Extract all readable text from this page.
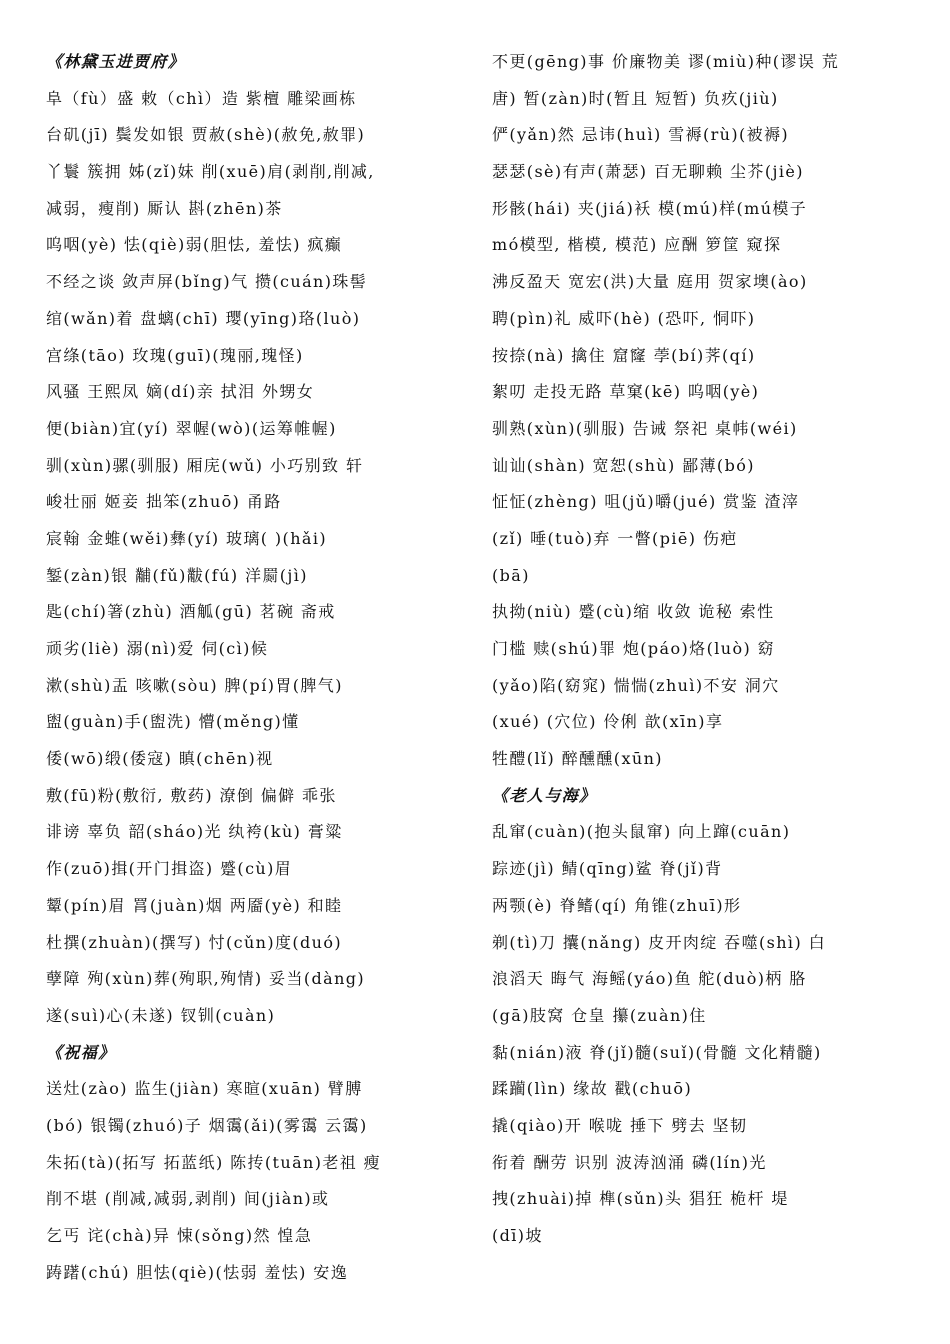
《林黛玉进贾府》
阜（fù）盛 敕（chì）造 紫檀 雕梁画栋
台矶(jī) 鬓发如银 贾赦(shè)(赦免,赦罪)
丫鬟 簇拥 姊(zǐ)妹 削(xuē)肩(剥削,削减,
减弱，瘦削) 厮认 斟(zhēn)茶
呜咽(yè) 怯(qiè)弱(胆怯, 羞怯) 疯癫
不经之谈 敛声屏(bǐng)气 攒(cuán)珠髻
绾(wǎn)着 盘螭(chī) 璎(yīng)珞(luò)
宫绦(tāo) 玫瑰(guī)(瑰丽,瑰怪)
风骚 王熙凤 嫡(dí)亲 拭泪 外甥女
便(biàn)宜(yí) 翠幄(wò)(运筹帷幄)
驯(xùn)骡(驯服) 厢庑(wǔ) 小巧别致 轩
峻壮丽 姬妾 拙笨(zhuō) 甬路
宸翰 金蜼(wěi)彝(yí) 玻璃( )(hǎi)
錾(zàn)银 黼(fǔ)黻(fú) 洋罽(jì)
匙(chí)箸(zhù) 酒觚(gū) 茗碗 斋戒
顽劣(liè) 溺(nì)爱 伺(cì)候
漱(shù)盂 咳嗽(sòu) 脾(pí)胃(脾气)
盥(guàn)手(盥洗) 懵(měng)懂
倭(wō)缎(倭寇) 瞋(chēn)视
敷(fū)粉(敷衍, 敷药) 潦倒 偏僻 乖张
诽谤 辜负 韶(sháo)光 纨袴(kù) 膏粱
作(zuō)揖(开门揖盗) 蹙(cù)眉
颦(pín)眉 罥(juàn)烟 两靥(yè) 和睦
杜撰(zhuàn)(撰写) 忖(cǔn)度(duó)
孽障 殉(xùn)葬(殉职,殉情) 妥当(dàng)
遂(suì)心(未遂) 钗钏(cuàn)
《祝福》
送灶(zào) 监生(jiàn) 寒暄(xuān) 臂膊
(bó) 银镯(zhuó)子 烟霭(ǎi)(雾霭 云霭)
朱拓(tà)(拓写 拓蓝纸) 陈抟(tuān)老祖 瘦
削不堪 (削减,减弱,剥削) 间(jiàn)或
乞丐 诧(chà)异 悚(sǒng)然 惶急
踌躇(chú) 胆怯(qiè)(怯弱 羞怯) 安逸
不更(gēng)事 价廉物美 谬(miù)种(谬误 荒
唐) 暂(zàn)时(暂且 短暂) 负疚(jiù)
俨(yǎn)然 忌讳(huì) 雪褥(rù)(被褥)
瑟瑟(sè)有声(萧瑟) 百无聊赖 尘芥(jiè)
形骸(hái) 夹(jiá)袄 模(mú)样(mú模子
mó模型, 楷模, 模范) 应酬 箩筐 窥探
沸反盈天 宽宏(洪)大量 庭用 贺家墺(ào)
聘(pìn)礼 威吓(hè) (恐吓, 恫吓)
按捺(nà) 擒住 窟窿 荸(bí)荠(qí)
絮叨 走投无路 草窠(kē) 呜咽(yè)
驯熟(xùn)(驯服) 告诫 祭祀 桌帏(wéi)
讪讪(shàn) 宽恕(shù) 鄙薄(bó)
怔怔(zhèng) 咀(jǔ)嚼(jué) 赏鉴 渣滓
(zǐ) 唾(tuò)弃 一瞥(piē) 伤疤
(bā)
执拗(niù) 蹙(cù)缩 收敛 诡秘 索性
门槛 赎(shú)罪 炮(páo)烙(luò) 窈
(yǎo)陷(窈窕) 惴惴(zhuì)不安 洞穴
(xué) (穴位) 伶俐 歆(xīn)享
牲醴(lǐ) 醉醺醺(xūn)
《老人与海》
乱窜(cuàn)(抱头鼠窜) 向上蹿(cuān)
踪迹(jì) 鲭(qīng)鲨 脊(jǐ)背
两颚(è) 脊鳍(qí) 角锥(zhuī)形
剃(tì)刀 攮(nǎng) 皮开肉绽 吞噬(shì) 白
浪滔天 晦气 海鳐(yáo)鱼 舵(duò)柄 胳
(gā)肢窝 仓皇 攥(zuàn)住
黏(nián)液 脊(jǐ)髓(suǐ)(骨髓 文化精髓)
蹂躏(lìn) 缘故 戳(chuō)
撬(qiào)开 喉咙 捶下 劈去 坚韧
衔着 酬劳 识别 波涛汹涌 磷(lín)光
拽(zhuài)掉 榫(sǔn)头 猖狂 桅杆 堤
(dī)坡
